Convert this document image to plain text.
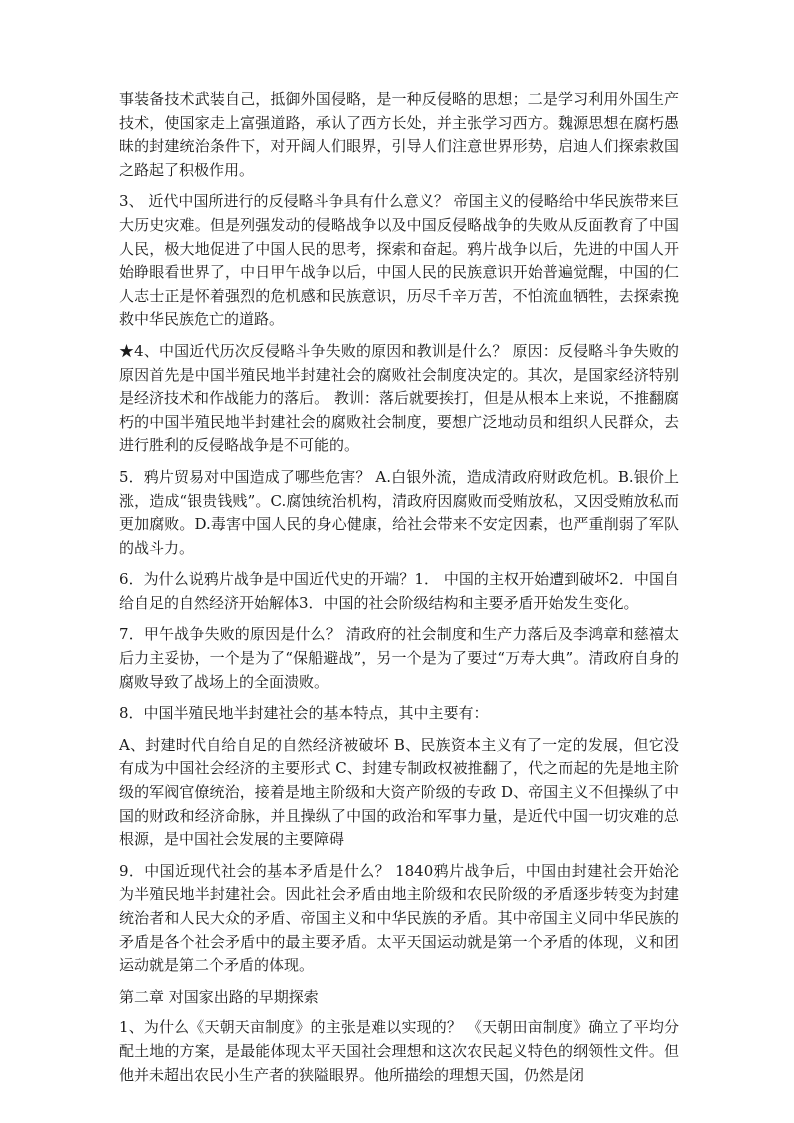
事装备技术武装自己，抵御外国侵略，是一种反侵略的思想；二是学习利用外国生产技术，使国家走上富强道路，承认了西方长处，并主张学习西方。魏源思想在腐朽愚昧的封建统治条件下，对开阔人们眼界，引导人们注意世界形势，启迪人们探索救国之路起了积极作用。

3、 近代中国所进行的反侵略斗争具有什么意义？ 帝国主义的侵略给中华民族带来巨大历史灾难。但是列强发动的侵略战争以及中国反侵略战争的失败从反面教育了中国人民，极大地促进了中国人民的思考，探索和奋起。鸦片战争以后，先进的中国人开始睁眼看世界了，中日甲午战争以后，中国人民的民族意识开始普遍觉醒，中国的仁人志士正是怀着强烈的危机感和民族意识，历尽千辛万苦，不怕流血牺牲，去探索挽救中华民族危亡的道路。

★4、中国近代历次反侵略斗争失败的原因和教训是什么？ 原因：反侵略斗争失败的原因首先是中国半殖民地半封建社会的腐败社会制度决定的。其次，是国家经济特别是经济技术和作战能力的落后。 教训：落后就要挨打，但是从根本上来说，不推翻腐朽的中国半殖民地半封建社会的腐败社会制度，要想广泛地动员和组织人民群众，去进行胜利的反侵略战争是不可能的。

5．鸦片贸易对中国造成了哪些危害？ A.白银外流，造成清政府财政危机。B.银价上涨，造成“银贵钱贱”。C.腐蚀统治机构，清政府因腐败而受贿放私，又因受贿放私而更加腐败。D.毒害中国人民的身心健康，给社会带来不安定因素，也严重削弱了军队的战斗力。

6．为什么说鸦片战争是中国近代史的开端？1． 中国的主权开始遭到破坏2．中国自给自足的自然经济开始解体3．中国的社会阶级结构和主要矛盾开始发生变化。

7．甲午战争失败的原因是什么？ 清政府的社会制度和生产力落后及李鸿章和慈禧太后力主妥协，一个是为了“保船避战”，另一个是为了要过“万寿大典”。清政府自身的腐败导致了战场上的全面溃败。

8．中国半殖民地半封建社会的基本特点，其中主要有：

A、封建时代自给自足的自然经济被破坏 B、民族资本主义有了一定的发展，但它没有成为中国社会经济的主要形式 C、封建专制政权被推翻了，代之而起的先是地主阶级的军阀官僚统治，接着是地主阶级和大资产阶级的专政 D、帝国主义不但操纵了中国的财政和经济命脉，并且操纵了中国的政治和军事力量，是近代中国一切灾难的总根源，是中国社会发展的主要障碍

9．中国近现代社会的基本矛盾是什么？ 1840鸦片战争后，中国由封建社会开始沦为半殖民地半封建社会。因此社会矛盾由地主阶级和农民阶级的矛盾逐步转变为封建统治者和人民大众的矛盾、帝国主义和中华民族的矛盾。其中帝国主义同中华民族的矛盾是各个社会矛盾中的最主要矛盾。太平天国运动就是第一个矛盾的体现，义和团运动就是第二个矛盾的体现。

第二章 对国家出路的早期探索

1、为什么《天朝天亩制度》的主张是难以实现的？ 《天朝田亩制度》确立了平均分配土地的方案，是最能体现太平天国社会理想和这次农民起义特色的纲领性文件。但他并未超出农民小生产者的狭隘眼界。他所描绘的理想天国，仍然是闭
